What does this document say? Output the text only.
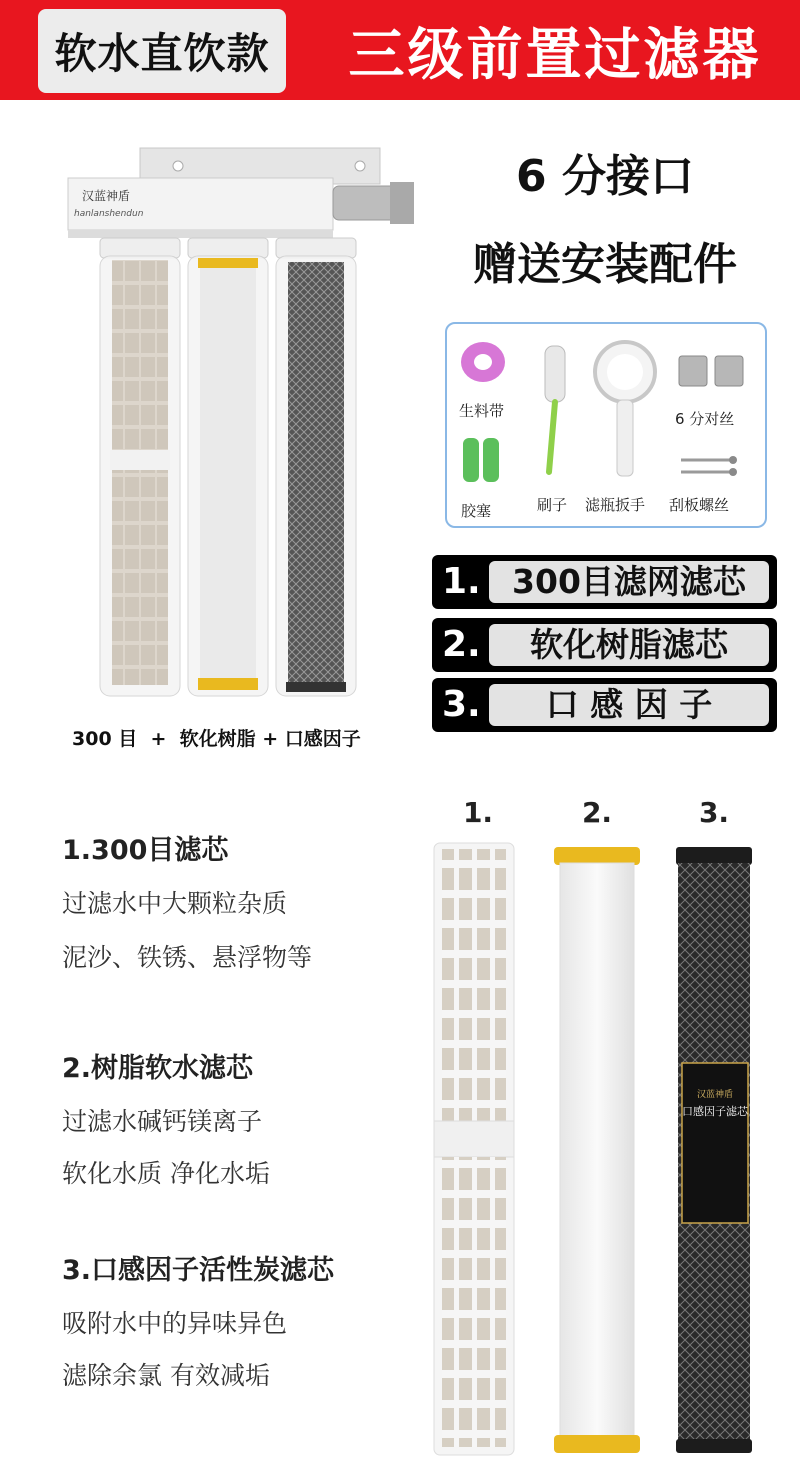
软水直饮款	三级前置过滤器
汉蓝神盾
hanlanshendun
6 分接口
赠送安装配件
生料带
刷子 滤瓶扳手
6 分对丝
胶塞	刮板螺丝
1. 300目滤网滤芯
2.	软化树脂滤芯
3.	口 感 因 子
300 目  +  软化树脂 + 口感因子
1.300目滤芯
过滤水中大颗粒杂质
泥沙、铁锈、悬浮物等
2.树脂软水滤芯
过滤水碱钙镁离子
软化水质 净化水垢
3.口感因子活性炭滤芯
吸附水中的异味异色
滤除余氯 有效减垢
1.	2.	3.
汉蓝神盾
口感因子滤芯
